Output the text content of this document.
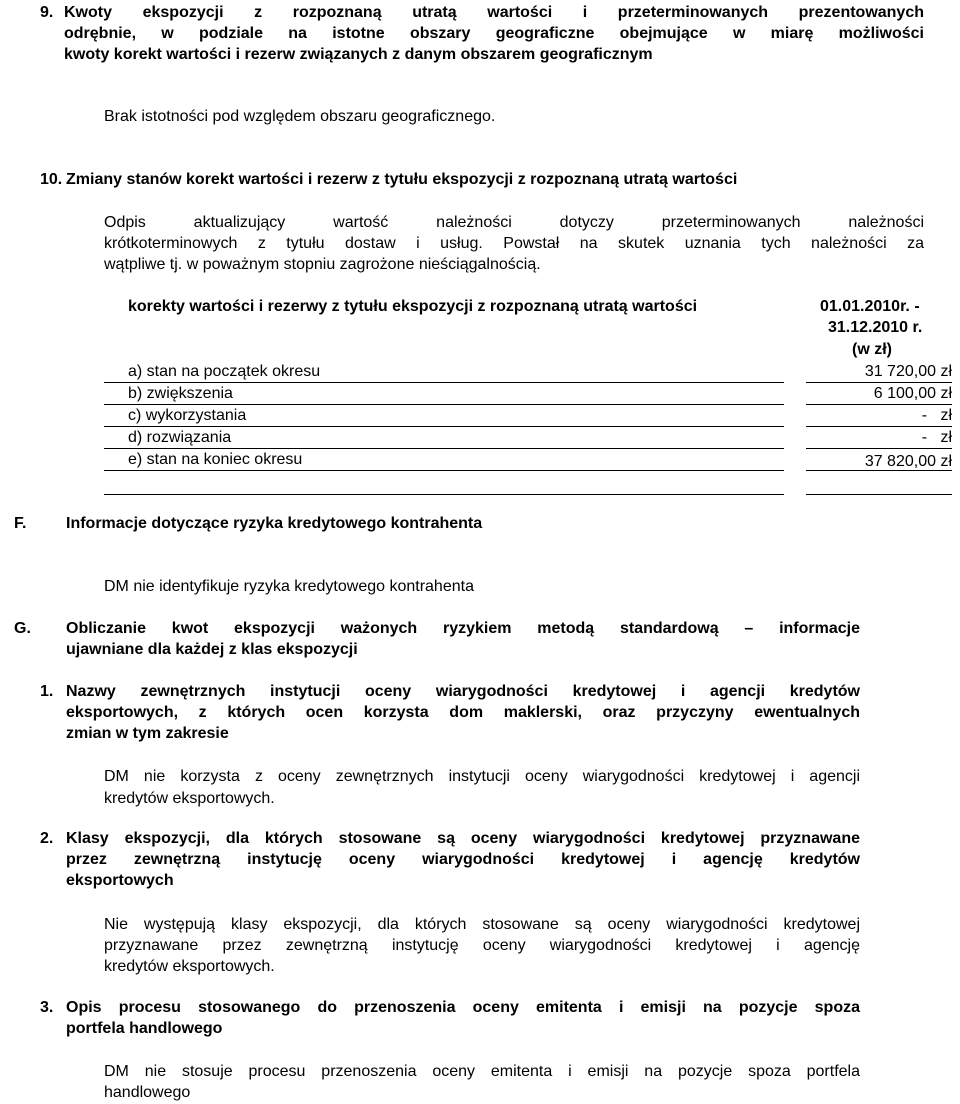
9. Kwoty ekspozycji z rozpoznaną utratą wartości i przeterminowanych prezentowanych
odrębnie, w podziale na istotne obszary geograficzne obejmujące w miarę możliwości
kwoty korekt wartości i rezerw związanych z danym obszarem geograficznym
Brak istotności pod względem obszaru geograficznego.
10. Zmiany stanów korekt wartości i rezerw z tytułu ekspozycji z rozpoznaną utratą wartości
Odpis aktualizujący wartość należności dotyczy przeterminowanych należności
krótkoterminowych z tytułu dostaw i usług. Powstał na skutek uznania tych należności za
wątpliwe tj. w poważnym stopniu zagrożone nieściągalnością.
korekty wartości i rezerwy z tytułu ekspozycji z rozpoznaną utratą wartości	01.01.2010r. -
31.12.2010 r.
(w zł)
a) stan na początek okresu	31 720,00 zł
b) zwiększenia	6 100,00 zł
c) wykorzystania	-   zł
d) rozwiązania	-   zł
e) stan na koniec okresu	37 820,00 zł
F. Informacje dotyczące ryzyka kredytowego kontrahenta
DM nie identyfikuje ryzyka kredytowego kontrahenta
G. Obliczanie kwot ekspozycji ważonych ryzykiem metodą standardową – informacje
ujawniane dla każdej z klas ekspozycji
1. Nazwy zewnętrznych instytucji oceny wiarygodności kredytowej i agencji kredytów
eksportowych, z których ocen korzysta dom maklerski, oraz przyczyny ewentualnych
zmian w tym zakresie
DM nie korzysta z oceny zewnętrznych instytucji oceny wiarygodności kredytowej i agencji
kredytów eksportowych.
2. Klasy ekspozycji, dla których stosowane są oceny wiarygodności kredytowej przyznawane
przez zewnętrzną instytucję oceny wiarygodności kredytowej i agencję kredytów
eksportowych
Nie występują klasy ekspozycji, dla których stosowane są oceny wiarygodności kredytowej
przyznawane przez zewnętrzną instytucję oceny wiarygodności kredytowej i agencję
kredytów eksportowych.
3. Opis procesu stosowanego do przenoszenia oceny emitenta i emisji na pozycje spoza
portfela handlowego
DM nie stosuje procesu przenoszenia oceny emitenta i emisji na pozycje spoza portfela
handlowego
